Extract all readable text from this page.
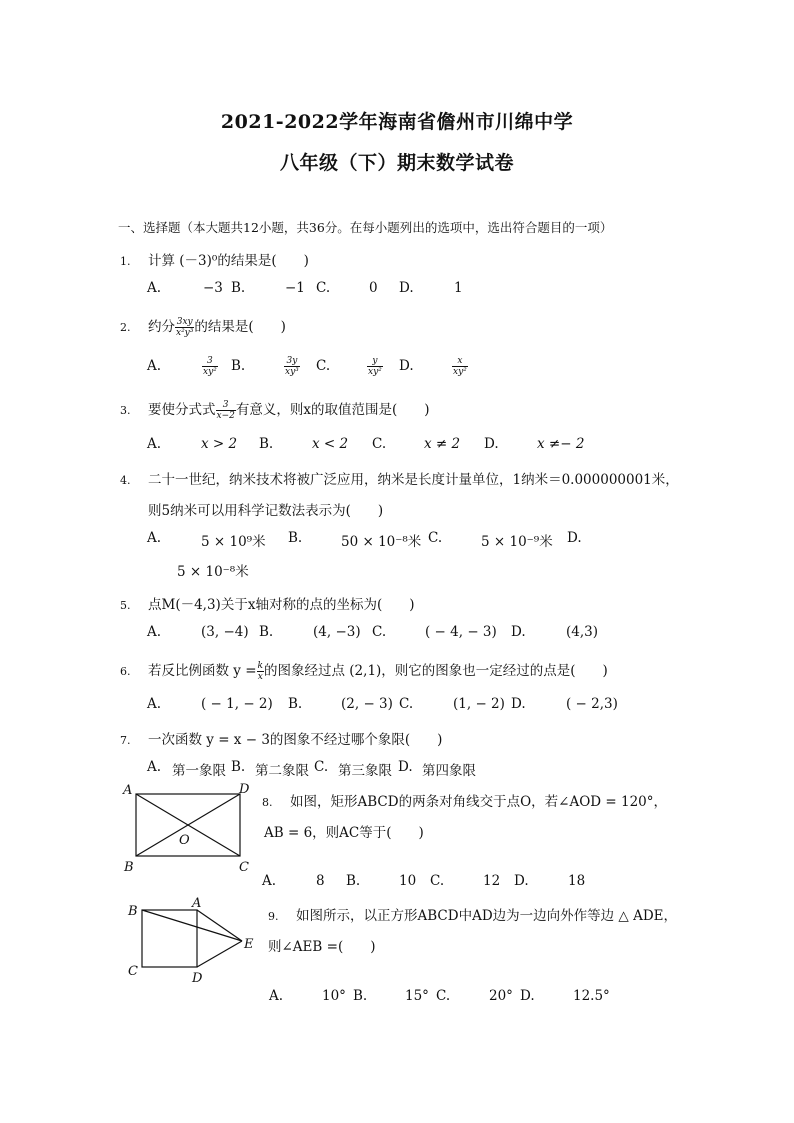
2021-2022学年海南省儋州市川绵中学
八年级（下）期末数学试卷
一、选择题（本大题共12小题，共36分。在每小题列出的选项中，选出符合题目的一项）
1. 计算 (－3)⁰的结果是(　　)
A.	−3 B.	−1 C.	0 D.	1
2. 约分 $\frac{3xy}{\text{x²y³}}$ 的结果是(　　)
A.	$\frac{3}{\text{xy²}} B$.	$\frac{3y}{\text{xy³}} C$.	$\frac{y}{\text{xy²}} D$.	$\frac{x}{\text{xy²}}$
3. 要使分式式 $\frac{3}{x-2}$ 有意义，则x的取值范围是(　　)
A.	x > 2 B.	x < 2 C.	x ≠ 2 D.	x ≠− 2
4. 二十一世纪，纳米技术将被广泛应用，纳米是长度计量单位，1纳米＝0.000000001米，
则5纳米可以用科学记数法表示为(　　)
A.	5 × 10⁹米 B.	50 × 10⁻⁸米 C.	5 × 10⁻⁹米 D.
5 × 10⁻⁸米
5. 点M(－4,3)关于x轴对称的点的坐标为(　　)
A.	(3, −4) B.	(4, −3) C.	( − 4, − 3) D.	(4,3)
6. 若反比例函数 $y = \frac{k}{x}$ 的图象经过点 (2,1)，则它的图象也一定经过的点是(　　)
A.	( − 1, − 2) B.	(2, − 3) C.	(1, − 2) D.	( − 2,3)
7. 一次函数 y = x − 3的图象不经过哪个象限(　　)
A. 第一象限 B. 第二象限 C. 第三象限 D. 第四象限
A	D
B	C
O
8. 如图，矩形ABCD的两条对角线交于点O，若∠AOD = 120°，
AB = 6，则AC等于(　　)
A.	8 B.	10 C.	12 D.	18
B
A
E
C	D
9. 如图所示，以正方形ABCD中AD边为一边向外作等边 △ ADE，
则∠AEB =(　　)
A.	10° B.	15° C.	20° D.	12.5°
